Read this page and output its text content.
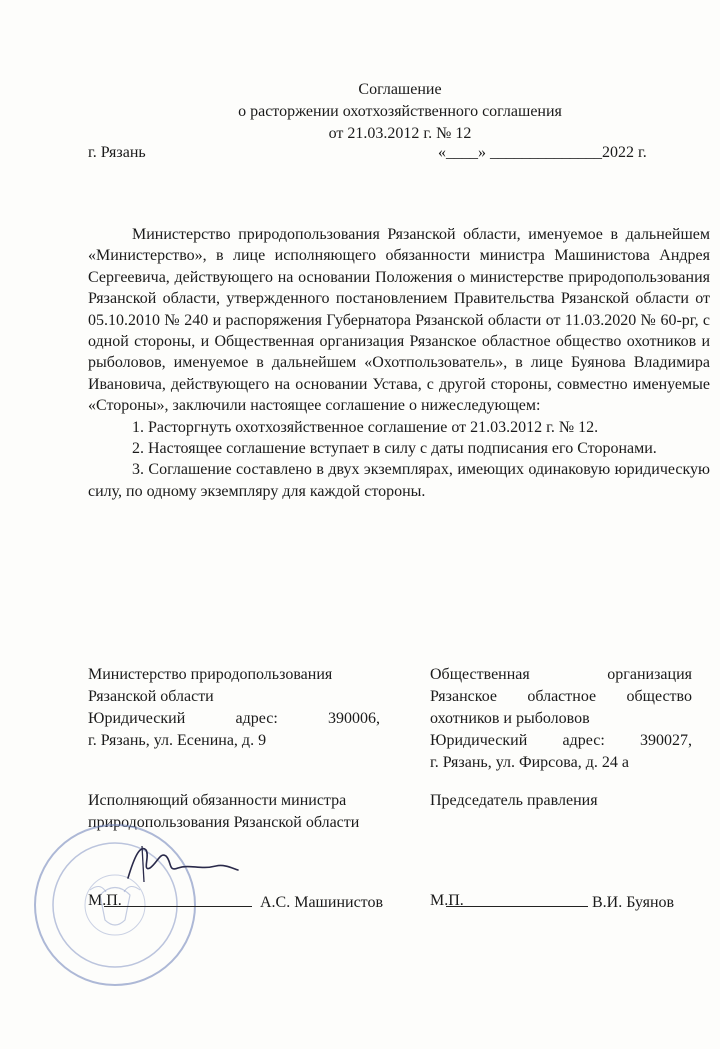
Соглашение
о расторжении охотхозяйственного соглашения
от 21.03.2012 г. № 12
г. Рязань	«____» ______________2022 г.

Министерство природопользования Рязанской области, именуемое в дальнейшем «Министерство», в лице исполняющего обязанности министра Машинистова Андрея Сергеевича, действующего на основании Положения о министерстве природопользования Рязанской области, утвержденного постановлением Правительства Рязанской области от 05.10.2010 № 240 и распоряжения Губернатора Рязанской области от 11.03.2020 № 60-рг, с одной стороны, и Общественная организация Рязанское областное общество охотников и рыболовов, именуемое в дальнейшем «Охотпользователь», в лице Буянова Владимира Ивановича, действующего на основании Устава, с другой стороны, совместно именуемые «Стороны», заключили настоящее соглашение о нижеследующем:

1. Расторгнуть охотхозяйственное соглашение от 21.03.2012 г. № 12.

2. Настоящее соглашение вступает в силу с даты подписания его Сторонами.

3. Соглашение составлено в двух экземплярах, имеющих одинаковую юридическую силу, по одному экземпляру для каждой стороны.

Министерство природопользования
Рязанской области
Юридический адрес: 390006,
г. Рязань, ул. Есенина, д. 9
Общественная организация
Рязанское областное общество
охотников и рыболовов
Юридический адрес: 390027,
г. Рязань, ул. Фирсова, д. 24 а
Исполняющий обязанности министра природопользования Рязанской области
Председатель правления

А.С. Машинистов

М.П.	В.И. Буянов

М.П.
